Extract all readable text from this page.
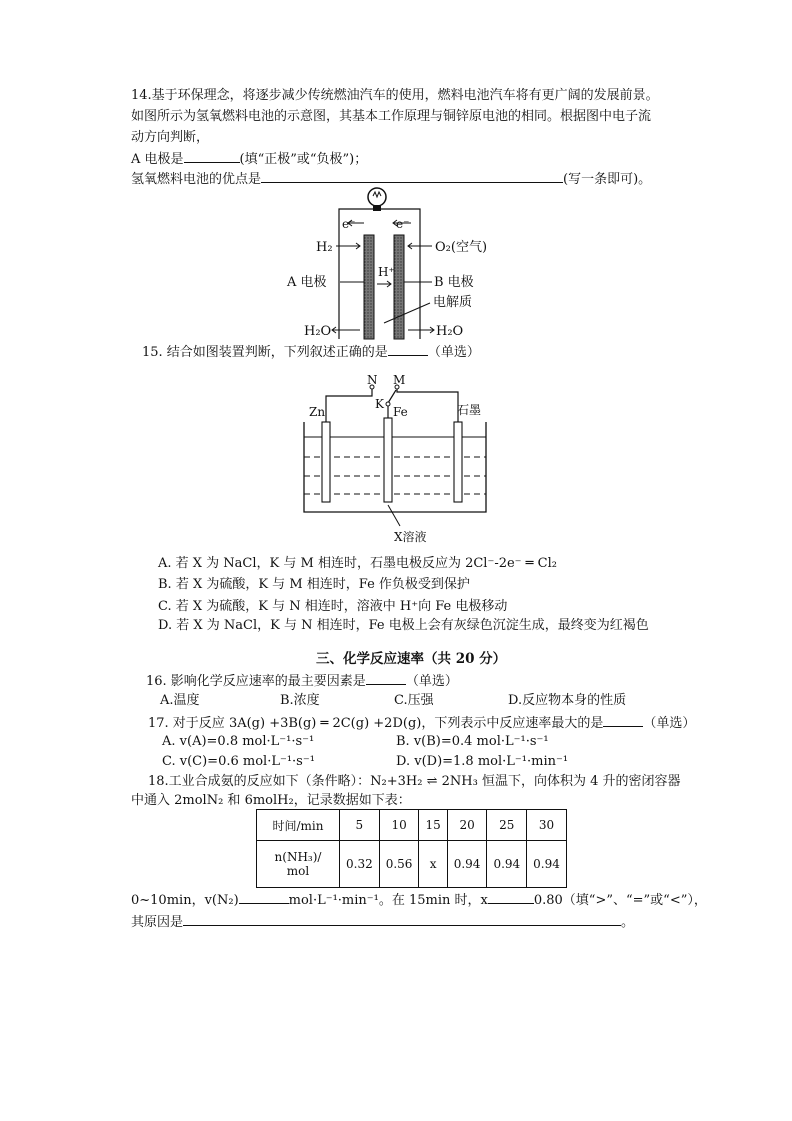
14.基于环保理念，将逐步减少传统燃油汽车的使用，燃料电池汽车将有更广阔的发展前景。
如图所示为氢氧燃料电池的示意图，其基本工作原理与铜锌原电池的相同。根据图中电子流
动方向判断，
A 电极是	(填“正极”或“负极”)；
氢氧燃料电池的优点是	(写一条即可)。
e⁻	e⁻
H₂	O₂(空气)
H⁺
A 电极	B 电极
电解质
H₂O	H₂O
15. 结合如图装置判断，下列叙述正确的是	（单选）
N M
K
Zn	Fe	石墨
X溶液
A. 若 X 为 NaCl，K 与 M 相连时，石墨电极反应为 2Cl⁻-2e⁻ ═ Cl₂
B. 若 X 为硫酸，K 与 M 相连时，Fe 作负极受到保护
C. 若 X 为硫酸，K 与 N 相连时，溶液中 H⁺向 Fe 电极移动
D. 若 X 为 NaCl，K 与 N 相连时，Fe 电极上会有灰绿色沉淀生成，最终变为红褐色
三、化学反应速率（共 20 分）
16. 影响化学反应速率的最主要因素是	（单选）
A.温度	B.浓度	C.压强	D.反应物本身的性质
17. 对于反应 3A(g) +3B(g) ═ 2C(g) +2D(g)，下列表示中反应速率最大的是	（单选）
A. v(A)=0.8 mol·L⁻¹·s⁻¹	B. v(B)=0.4 mol·L⁻¹·s⁻¹
C. v(C)=0.6 mol·L⁻¹·s⁻¹	D. v(D)=1.8 mol·L⁻¹·min⁻¹
18.工业合成氨的反应如下（条件略）：N₂+3H₂ ⇌ 2NH₃ 恒温下，向体积为 4 升的密闭容器
中通入 2molN₂ 和 6molH₂，记录数据如下表：
时间/min	5	10	15	20	25	30
n(NH₃)/ mol	0.32	0.56	x	0.94	0.94	0.94
0~10min，v(N₂)	mol·L⁻¹·min⁻¹。在 15min 时，x	0.80（填“>”、“=”或“<”），
其原因是	。
